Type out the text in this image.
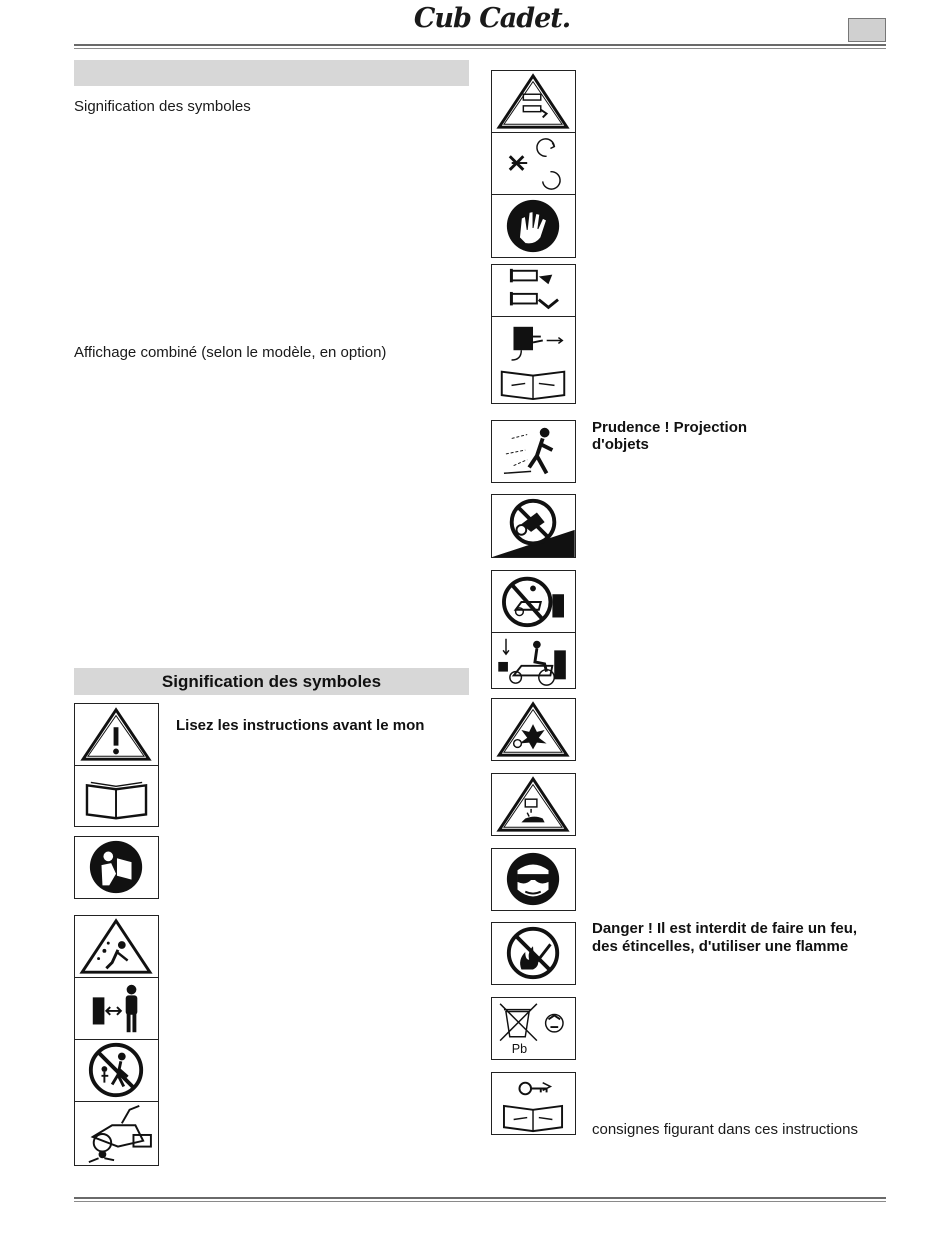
Cub Cadet.
Signification des symboles
Affichage combiné (selon le modèle, en option)
Signification des symboles
Lisez les instructions avant le mon
Prudence ! Projection
d'objets
Danger ! Il est interdit de faire un feu,
des étincelles, d'utiliser une flamme
Pb
consignes figurant dans ces instructions
